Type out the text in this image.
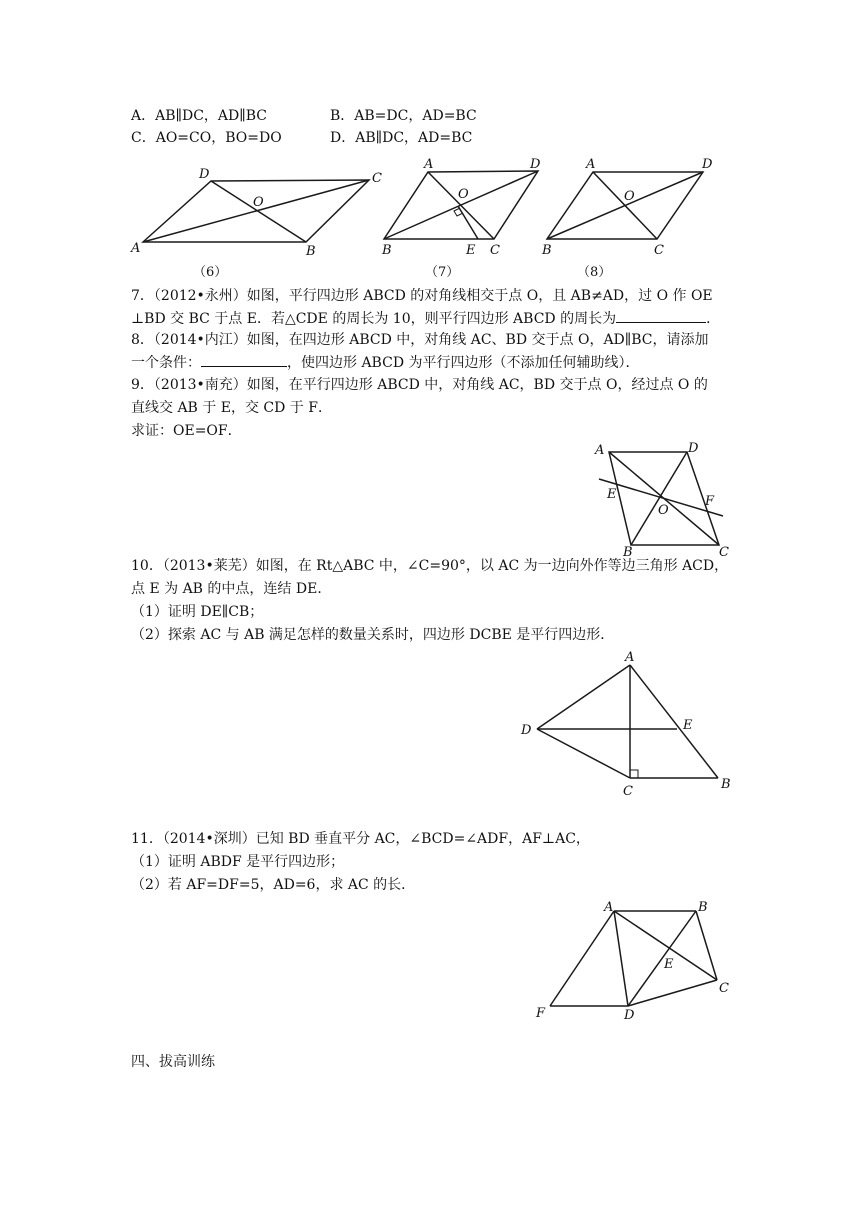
A．AB∥DC，AD∥BC	B．AB=DC，AD=BC
C．AO=CO，BO=DO	D．AB∥DC，AD=BC
A
D	C
B
O
（6）
A	D
B	E C
O
（7）
A	D
B	C
O
（8）

7．（2012•永州）如图，平行四边形 ABCD 的对角线相交于点 O，且 AB≠AD，过 O 作 OE

⊥BD 交 BC 于点 E．若△CDE 的周长为 10，则平行四边形 ABCD 的周长为	．

8．（2014•内江）如图，在四边形 ABCD 中，对角线 AC、BD 交于点 O，AD∥BC，请添加

一个条件：	，使四边形 ABCD 为平行四边形（不添加任何辅助线）．

9．（2013•南充）如图，在平行四边形 ABCD 中，对角线 AC，BD 交于点 O，经过点 O 的

直线交 AB 于 E，交 CD 于 F．

求证：OE=OF．

A	D
E	F
O
B	C

10．（2013•莱芜）如图，在 Rt△ABC 中，∠C=90°，以 AC 为一边向外作等边三角形 ACD，

点 E 为 AB 的中点，连结 DE．

（1）证明 DE∥CB；

（2）探索 AC 与 AB 满足怎样的数量关系时，四边形 DCBE 是平行四边形．

A
D	E
C	B

11．（2014•深圳）已知 BD 垂直平分 AC，∠BCD=∠ADF，AF⊥AC，

（1）证明 ABDF 是平行四边形；

（2）若 AF=DF=5，AD=6，求 AC 的长．

A	B
E
C
D
F

四、拔高训练
